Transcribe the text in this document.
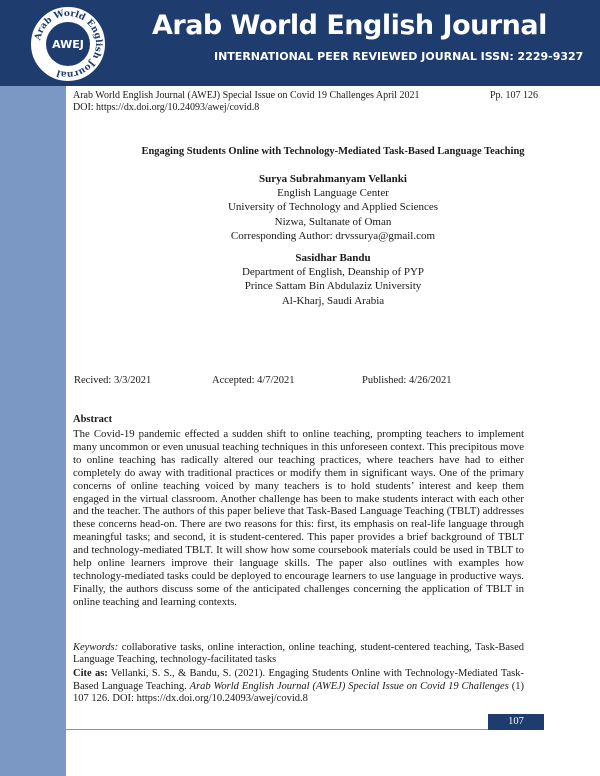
Arab World English Journal
AWEJ
Arab World English Journal
INTERNATIONAL PEER REVIEWED JOURNAL ISSN: 2229-9327
Arab World English Journal (AWEJ) Special Issue on Covid 19 Challenges April 2021	Pp. 107 126
DOI: https://dx.doi.org/10.24093/awej/covid.8
Engaging Students Online with Technology-Mediated Task-Based Language Teaching
Surya Subrahmanyam Vellanki
English Language Center
University of Technology and Applied Sciences
Nizwa, Sultanate of Oman
Corresponding Author: drvssurya@gmail.com
Sasidhar Bandu
Department of English, Deanship of PYP
Prince Sattam Bin Abdulaziz University
Al-Kharj, Saudi Arabia
Recived: 3/3/2021	Accepted: 4/7/2021	Published: 4/26/2021
Abstract

The Covid-19 pandemic effected a sudden shift to online teaching, prompting teachers to implement many uncommon or even unusual teaching techniques in this unforeseen context. This precipitous move to online teaching has radically altered our teaching practices, where teachers have had to either completely do away with traditional practices or modify them in significant ways. One of the primary concerns of online teaching voiced by many teachers is to hold students’ interest and keep them engaged in the virtual classroom. Another challenge has been to make students interact with each other and the teacher. The authors of this paper believe that Task-Based Language Teaching (TBLT) addresses these concerns head-on. There are two reasons for this: first, its emphasis on real-life language through meaningful tasks; and second, it is student-centered. This paper provides a brief background of TBLT and technology-mediated TBLT. It will show how some coursebook materials could be used in TBLT to help online learners improve their language skills. The paper also outlines with examples how technology-mediated tasks could be deployed to encourage learners to use language in productive ways. Finally, the authors discuss some of the anticipated challenges concerning the application of TBLT in online teaching and learning contexts.

Keywords: collaborative tasks, online interaction, online teaching, student-centered teaching, Task-Based Language Teaching, technology-facilitated tasks

Cite as: Vellanki, S. S., & Bandu, S. (2021). Engaging Students Online with Technology-Mediated Task-Based Language Teaching. Arab World English Journal (AWEJ) Special Issue on Covid 19 Challenges (1) 107 126. DOI: https://dx.doi.org/10.24093/awej/covid.8

107
